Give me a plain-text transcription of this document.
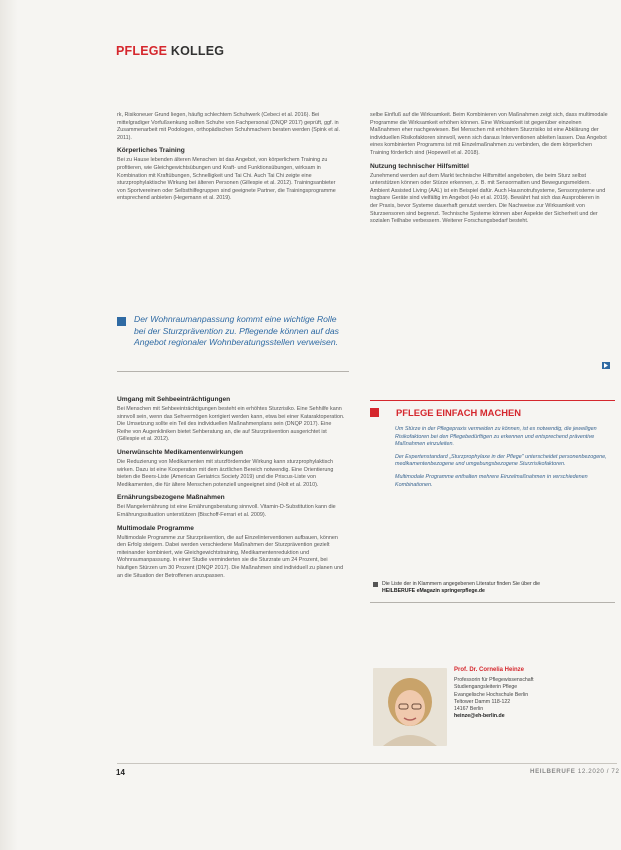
PFLEGE KOLLEG

rk, Risikoneuer Grund liegen, häufig schlechtem Schuhwerk (Cebeci et al. 2016). Bei mittelgradiger Vorfußsenkung sollten Schuhe von Fachpersonal (DNQP 2017) geprüft, ggf. in Zusammenarbeit mit Podologen, orthopädischen Schuhmachern beraten werden (Spink et al. 2011).

Körperliches Training

Bei zu Hause lebenden älteren Menschen ist das Angebot, von körperlichem Training zu profitieren, wie Gleichgewichtsübungen und Kraft- und Funktionsübungen, wirksam in Kombination mit Kraftübungen, Schnelligkeit und Tai Chi. Auch Tai Chi zeigte eine sturzprophylaktische Wirkung bei älteren Personen (Gillespie et al. 2012). Trainingsanbieter von Sportvereinen oder Selbsthilfegruppen sind geeignete Partner, die Trainingsprogramme entsprechend anbieten (Hegemann et al. 2019).

Der Wohnraumanpassung kommt eine wichtige Rolle bei der Sturzprävention zu. Pflegende können auf das Angebot regionaler Wohnberatungsstellen verweisen.
Umgang mit Sehbeeinträchtigungen

Bei Menschen mit Sehbeeinträchtigungen besteht ein erhöhtes Sturzrisiko. Eine Sehhilfe kann sinnvoll sein, wenn das Sehvermögen korrigiert werden kann, etwa bei einer Kataraktoperation. Die Umsetzung sollte ein Teil des individuellen Maßnahmenplans sein (DNQP 2017). Eine Reihe von Augenkliniken bietet Sehberatung an, die auf Sturzprävention ausgerichtet ist (Gillespie et al. 2012).

Unerwünschte Medikamentenwirkungen

Die Reduzierung von Medikamenten mit sturzfördernder Wirkung kann sturzprophylaktisch wirken. Dazu ist eine Kooperation mit dem ärztlichen Bereich notwendig. Eine Orientierung bieten die Beers-Liste (American Geriatrics Society 2019) und die Priscus-Liste von Medikamenten, die für ältere Menschen potenziell ungeeignet sind (Holt et al. 2010).

Ernährungsbezogene Maßnahmen

Bei Mangelernährung ist eine Ernährungsberatung sinnvoll. Vitamin-D-Substitution kann die Ernährungssituation unterstützen (Bischoff-Ferrari et al. 2009).

Multimodale Programme

Multimodale Programme zur Sturzprävention, die auf Einzelinterventionen aufbauen, können den Erfolg steigern. Dabei werden verschiedene Maßnahmen der Sturzprävention gezielt miteinander kombiniert, wie Gleichgewichtstraining, Medikamentenreduktion und Wohnraumanpassung. In einer Studie verminderten sie die Sturzrate um 24 Prozent, bei häufigen Stürzen um 30 Prozent (DNQP 2017). Die Maßnahmen sind individuell zu planen und an die Situation der Betroffenen anzupassen.

selbe Einfluß auf die Wirksamkeit. Beim Kombinieren von Maßnahmen zeigt sich, dass multimodale Programme die Wirksamkeit erhöhen können. Eine Wirksamkeit ist gegenüber einzelnen Maßnahmen eher nachgewiesen. Bei Menschen mit erhöhtem Sturzrisiko ist eine Abklärung der individuellen Risikofaktoren sinnvoll, wenn sich daraus Interventionen ableiten lassen. Das Angebot eines kombinierten Programms ist mit Einzelmaßnahmen zu verbinden, die dem körperlichen Training förderlich sind (Hopewell et al. 2018).

Nutzung technischer Hilfsmittel

Zunehmend werden auf dem Markt technische Hilfsmittel angeboten, die beim Sturz selbst unterstützen können oder Stürze erkennen, z. B. mit Sensormatten und Bewegungsmeldern. Ambient Assisted Living (AAL) ist ein Beispiel dafür. Auch Hausnotrufsysteme, Sensorsysteme und tragbare Geräte sind vielfältig im Angebot (Ho et al. 2019). Bewährt hat sich das Ausprobieren in der Praxis, bevor Systeme dauerhaft genutzt werden. Die Nachweise zur Wirksamkeit von Sturzsensoren sind begrenzt. Technische Systeme können aber Aspekte der Sicherheit und der sozialen Teilhabe verbessern. Weiterer Forschungsbedarf besteht.

PFLEGE EINFACH MACHEN

Um Stürze in der Pflegepraxis vermeiden zu können, ist es notwendig, die jeweiligen Risikofaktoren bei den Pflegebedürftigen zu erkennen und entsprechend präventive Maßnahmen einzuleiten.

Der Expertenstandard „Sturzprophylaxe in der Pflege" unterscheidet personenbezogene, medikamentenbezogene und umgebungsbezogene Sturzrisikofaktoren.

Multimodale Programme enthalten mehrere Einzelmaßnahmen in verschiedenen Kombinationen.

Die Liste der in Klammern angegebenen Literatur finden Sie über die
HEILBERUFE eMagazin springerpflege.de
Prof. Dr. Cornelia Heinze
Professorin für Pflegewissenschaft
Studiengangsleiterin Pflege
Evangelische Hochschule Berlin
Teltower Damm 118-122
14167 Berlin
heinze@eh-berlin.de
14	HEILBERUFE 12.2020 / 72
